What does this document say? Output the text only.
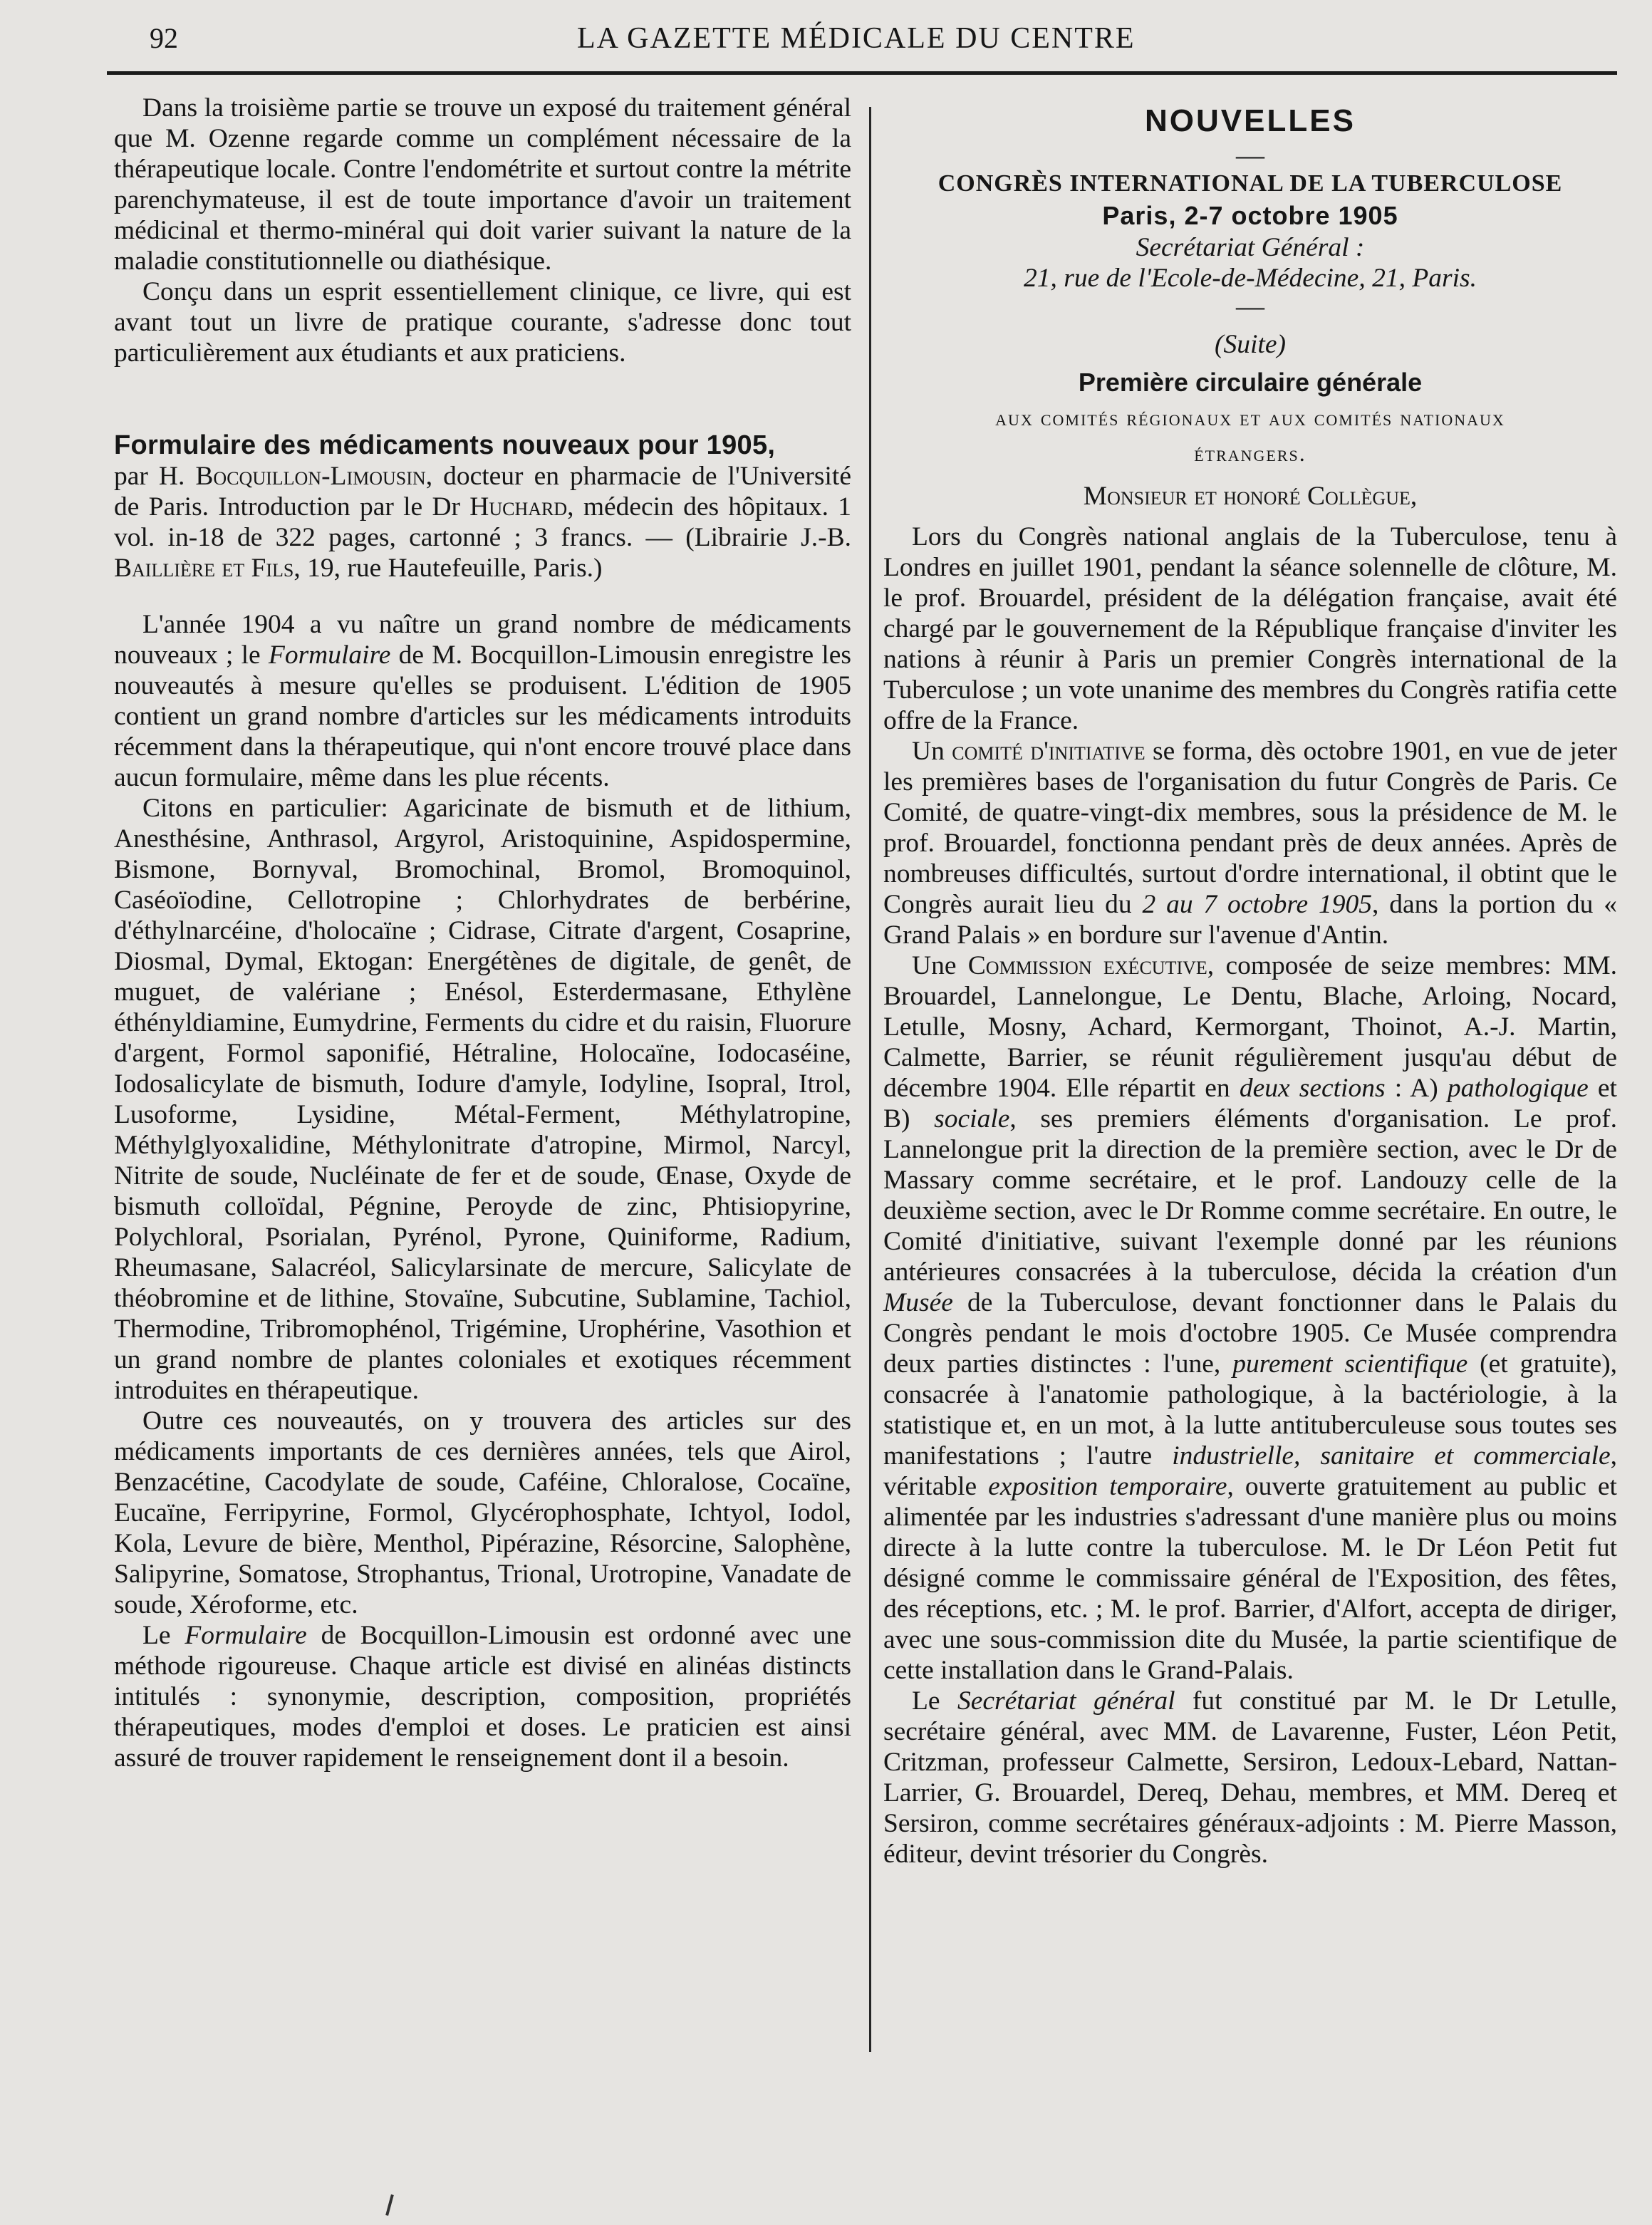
92	LA GAZETTE MÉDICALE DU CENTRE

Dans la troisième partie se trouve un exposé du traitement général que M. Ozenne regarde comme un complément nécessaire de la thérapeutique locale. Contre l'endométrite et surtout contre la métrite parenchymateuse, il est de toute importance d'avoir un traitement médicinal et thermo-minéral qui doit varier suivant la nature de la maladie constitutionnelle ou diathésique.

Conçu dans un esprit essentiellement clinique, ce livre, qui est avant tout un livre de pratique courante, s'adresse donc tout particulièrement aux étudiants et aux praticiens.

Formulaire des médicaments nouveaux pour 1905,

par H. Bocquillon-Limousin, docteur en pharmacie de l'Université de Paris. Introduction par le Dr Huchard, médecin des hôpitaux. 1 vol. in-18 de 322 pages, cartonné ; 3 francs. — (Librairie J.-B. Baillière et Fils, 19, rue Hautefeuille, Paris.)

L'année 1904 a vu naître un grand nombre de médicaments nouveaux ; le Formulaire de M. Bocquillon-Limousin enregistre les nouveautés à mesure qu'elles se produisent. L'édition de 1905 contient un grand nombre d'articles sur les médicaments introduits récemment dans la thérapeutique, qui n'ont encore trouvé place dans aucun formulaire, même dans les plue récents.

Citons en particulier: Agaricinate de bismuth et de lithium, Anesthésine, Anthrasol, Argyrol, Aristoquinine, Aspidospermine, Bismone, Bornyval, Bromochinal, Bromol, Bromoquinol, Caséoïodine, Cellotropine ; Chlorhydrates de berbérine, d'éthylnarcéine, d'holocaïne ; Cidrase, Citrate d'argent, Cosaprine, Diosmal, Dymal, Ektogan: Energétènes de digitale, de genêt, de muguet, de valériane ; Enésol, Esterdermasane, Ethylène éthényldiamine, Eumydrine, Ferments du cidre et du raisin, Fluorure d'argent, Formol saponifié, Hétraline, Holocaïne, Iodocaséine, Iodosalicylate de bismuth, Iodure d'amyle, Iodyline, Isopral, Itrol, Lusoforme, Lysidine, Métal-Ferment, Méthylatropine, Méthylglyoxalidine, Méthylonitrate d'atropine, Mirmol, Narcyl, Nitrite de soude, Nucléinate de fer et de soude, Œnase, Oxyde de bismuth colloïdal, Pégnine, Peroyde de zinc, Phtisiopyrine, Polychloral, Psorialan, Pyrénol, Pyrone, Quiniforme, Radium, Rheumasane, Salacréol, Salicylarsinate de mercure, Salicylate de théobromine et de lithine, Stovaïne, Subcutine, Sublamine, Tachiol, Thermodine, Tribromophénol, Trigémine, Urophérine, Vasothion et un grand nombre de plantes coloniales et exotiques récemment introduites en thérapeutique.

Outre ces nouveautés, on y trouvera des articles sur des médicaments importants de ces dernières années, tels que Airol, Benzacétine, Cacodylate de soude, Caféine, Chloralose, Cocaïne, Eucaïne, Ferripyrine, Formol, Glycérophosphate, Ichtyol, Iodol, Kola, Levure de bière, Menthol, Pipérazine, Résorcine, Salophène, Salipyrine, Somatose, Strophantus, Trional, Urotropine, Vanadate de soude, Xéroforme, etc.

Le Formulaire de Bocquillon-Limousin est ordonné avec une méthode rigoureuse. Chaque article est divisé en alinéas distincts intitulés : synonymie, description, composition, propriétés thérapeutiques, modes d'emploi et doses. Le praticien est ainsi assuré de trouver rapidement le renseignement dont il a besoin.

NOUVELLES
—
CONGRÈS INTERNATIONAL DE LA TUBERCULOSE
Paris, 2-7 octobre 1905
Secrétariat Général :
21, rue de l'Ecole-de-Médecine, 21, Paris.
—
(Suite)
Première circulaire générale
aux comités régionaux et aux comités nationaux
étrangers.
Monsieur et honoré Collègue,

Lors du Congrès national anglais de la Tuberculose, tenu à Londres en juillet 1901, pendant la séance solennelle de clôture, M. le prof. Brouardel, président de la délégation française, avait été chargé par le gouvernement de la République française d'inviter les nations à réunir à Paris un premier Congrès international de la Tuberculose ; un vote unanime des membres du Congrès ratifia cette offre de la France.

Un comité d'initiative se forma, dès octobre 1901, en vue de jeter les premières bases de l'organisation du futur Congrès de Paris. Ce Comité, de quatre-vingt-dix membres, sous la présidence de M. le prof. Brouardel, fonctionna pendant près de deux années. Après de nombreuses difficultés, surtout d'ordre international, il obtint que le Congrès aurait lieu du 2 au 7 octobre 1905, dans la portion du « Grand Palais » en bordure sur l'avenue d'Antin.

Une Commission exécutive, composée de seize membres: MM. Brouardel, Lannelongue, Le Dentu, Blache, Arloing, Nocard, Letulle, Mosny, Achard, Kermorgant, Thoinot, A.-J. Martin, Calmette, Barrier, se réunit régulièrement jusqu'au début de décembre 1904. Elle répartit en deux sections : A) pathologique et B) sociale, ses premiers éléments d'organisation. Le prof. Lannelongue prit la direction de la première section, avec le Dr de Massary comme secrétaire, et le prof. Landouzy celle de la deuxième section, avec le Dr Romme comme secrétaire. En outre, le Comité d'initiative, suivant l'exemple donné par les réunions antérieures consacrées à la tuberculose, décida la création d'un Musée de la Tuberculose, devant fonctionner dans le Palais du Congrès pendant le mois d'octobre 1905. Ce Musée comprendra deux parties distinctes : l'une, purement scientifique (et gratuite), consacrée à l'anatomie pathologique, à la bactériologie, à la statistique et, en un mot, à la lutte antituberculeuse sous toutes ses manifestations ; l'autre industrielle, sanitaire et commerciale, véritable exposition temporaire, ouverte gratuitement au public et alimentée par les industries s'adressant d'une manière plus ou moins directe à la lutte contre la tuberculose. M. le Dr Léon Petit fut désigné comme le commissaire général de l'Exposition, des fêtes, des réceptions, etc. ; M. le prof. Barrier, d'Alfort, accepta de diriger, avec une sous-commission dite du Musée, la partie scientifique de cette installation dans le Grand-Palais.

Le Secrétariat général fut constitué par M. le Dr Letulle, secrétaire général, avec MM. de Lavarenne, Fuster, Léon Petit, Critzman, professeur Calmette, Sersiron, Ledoux-Lebard, Nattan-Larrier, G. Brouardel, Dereq, Dehau, membres, et MM. Dereq et Sersiron, comme secrétaires généraux-adjoints : M. Pierre Masson, éditeur, devint trésorier du Congrès.
